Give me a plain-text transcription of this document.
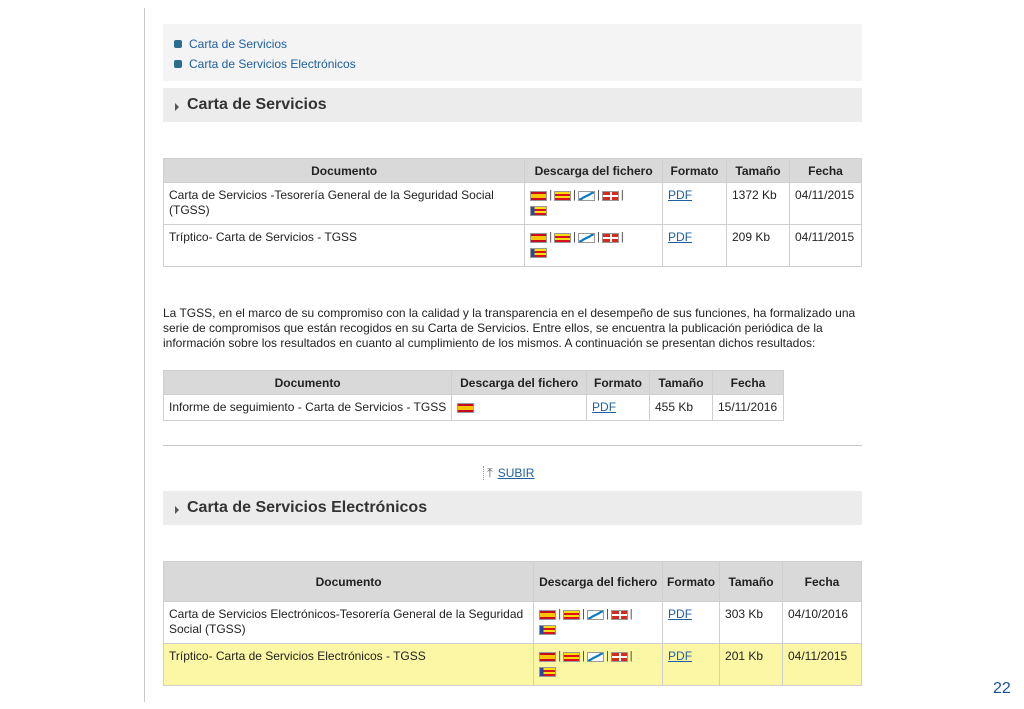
Carta de Servicios
Carta de Servicios Electrónicos
Carta de Servicios
Documento	Descarga del fichero	Formato	Tamaño	Fecha
Carta de Servicios -Tesorería General de la Seguridad Social (TGSS)	| | | |	PDF	1372 Kb	04/11/2015
Tríptico- Carta de Servicios - TGSS	| | | |	PDF	209 Kb	04/11/2015
La TGSS, en el marco de su compromiso con la calidad y la transparencia en el desempeño de sus funciones, ha formalizado una serie de compromisos que están recogidos en su Carta de Servicios. Entre ellos, se encuentra la publicación periódica de la información sobre los resultados en cuanto al cumplimiento de los mismos. A continuación se presentan dichos resultados:
Documento	Descarga del fichero	Formato	Tamaño	Fecha
Informe de seguimiento - Carta de Servicios - TGSS		PDF	455 Kb	15/11/2016
⤒ SUBIR
Carta de Servicios Electrónicos
Documento	Descarga del fichero	Formato	Tamaño	Fecha
Carta de Servicios Electrónicos-Tesorería General de la Seguridad Social (TGSS)	| | | |	PDF	303 Kb	04/10/2016
Tríptico- Carta de Servicios Electrónicos - TGSS	| | | |	PDF	201 Kb	04/11/2015
22
